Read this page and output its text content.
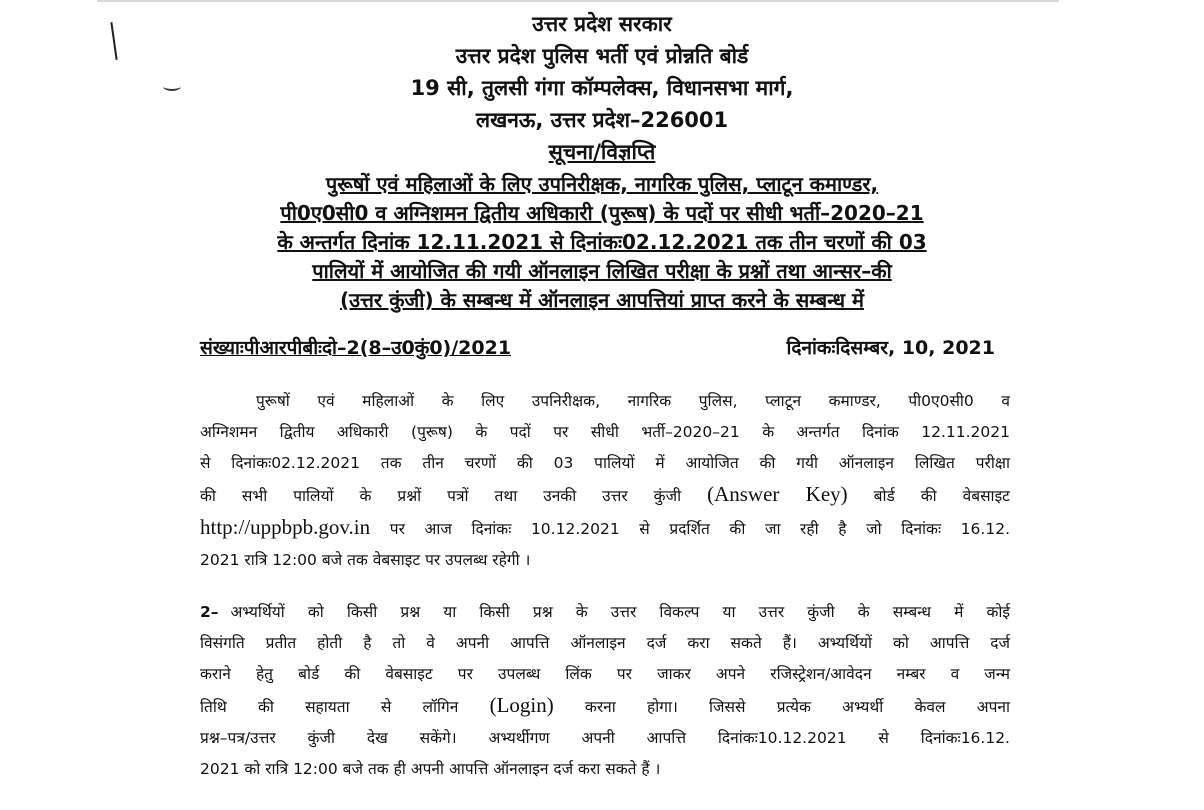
उत्तर प्रदेश सरकार
उत्तर प्रदेश पुलिस भर्ती एवं प्रोन्नति बोर्ड
19 सी, तुलसी गंगा कॉम्पलेक्स, विधानसभा मार्ग,
लखनऊ, उत्तर प्रदेश–226001
सूचना/विज्ञप्ति
पुरूषों एवं महिलाओं के लिए उपनिरीक्षक, नागरिक पुलिस, प्लाटून कमाण्डर,
पी0ए0सी0 व अग्निशमन द्वितीय अधिकारी (पुरूष) के पदों पर सीधी भर्ती–2020–21
के अन्तर्गत दिनांक 12.11.2021 से दिनांकः02.12.2021 तक तीन चरणों की 03
पालियों में आयोजित की गयी ऑनलाइन लिखित परीक्षा के प्रश्नों तथा आन्सर–की
(उत्तर कुंजी) के सम्बन्ध में ऑनलाइन आपत्तियां प्राप्त करने के सम्बन्ध में
संख्याःपीआरपीबीःदो–2(8–उ0कुं0)/2021	दिनांकःदिसम्बर, 10, 2021
पुरूषों एवं महिलाओं के लिए उपनिरीक्षक, नागरिक पुलिस, प्लाटून कमाण्डर, पी0ए0सी0 व
अग्निशमन द्वितीय अधिकारी (पुरूष) के पदों पर सीधी भर्ती–2020–21 के अन्तर्गत दिनांक 12.11.2021
से दिनांकः02.12.2021 तक तीन चरणों की 03 पालियों में आयोजित की गयी ऑनलाइन लिखित परीक्षा
की सभी पालियों के प्रश्नों पत्रों तथा उनकी उत्तर कुंजी (Answer Key) बोर्ड की वेबसाइट
http://uppbpb.gov.in पर आज दिनांकः 10.12.2021 से प्रदर्शित की जा रही है जो दिनांकः 16.12.
2021 रात्रि 12:00 बजे तक वेबसाइट पर उपलब्ध रहेगी ।
2– अभ्यर्थियों को किसी प्रश्न या किसी प्रश्न के उत्तर विकल्प या उत्तर कुंजी के सम्बन्ध में कोई
विसंगति प्रतीत होती है तो वे अपनी आपत्ति ऑनलाइन दर्ज करा सकते हैं। अभ्यर्थियों को आपत्ति दर्ज
कराने हेतु बोर्ड की वेबसाइट पर उपलब्ध लिंक पर जाकर अपने रजिस्ट्रेशन/आवेदन नम्बर व जन्म
तिथि की सहायता से लॉगिन (Login) करना होगा। जिससे प्रत्येक अभ्यर्थी केवल अपना
प्रश्न–पत्र/उत्तर कुंजी देख सकेंगे। अभ्यर्थीगण अपनी आपत्ति दिनांकः10.12.2021 से दिनांकः16.12.
2021 को रात्रि 12:00 बजे तक ही अपनी आपत्ति ऑनलाइन दर्ज करा सकते हैं ।
